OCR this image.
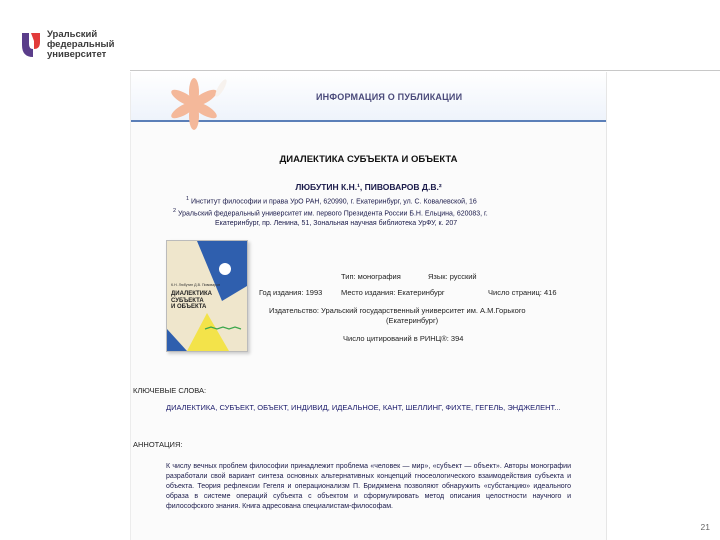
Уральский
федеральный
университет
ИНФОРМАЦИЯ О ПУБЛИКАЦИИ
ДИАЛЕКТИКА СУБЪЕКТА И ОБЪЕКТА
ЛЮБУТИН К.Н.¹, ПИВОВАРОВ Д.В.²
$^1$ Институт философии и права УрО РАН, 620990, г. Екатеринбург, ул. С. Ковалевской, 16
$^2$ Уральский федеральный университет им. первого Президента России Б.Н. Ельцина, 620083, г.
Екатеринбург, пр. Ленина, 51, Зональная научная библиотека УрФУ, к. 207
К.Н. Любутин Д.В. Пивоваров
ДИАЛЕКТИКА
СУБЪЕКТА
И ОБЪЕКТА
Тип: монография	Язык: русский
Год издания: 1993 Место издания: Екатеринбург	Число страниц: 416
Издательство: Уральский государственный университет им. А.М.Горького
(Екатеринбург)
Число цитирований в РИНЦ®: 394
КЛЮЧЕВЫЕ СЛОВА:
ДИАЛЕКТИКА, СУБЪЕКТ, ОБЪЕКТ, ИНДИВИД, ИДЕАЛЬНОЕ, КАНТ, ШЕЛЛИНГ, ФИХТЕ, ГЕГЕЛЬ, ЭНДЖЕЛЕНТ...
АННОТАЦИЯ:
К числу вечных проблем философии принадлежит проблема «человек — мир», «субъект — объект». Авторы монографии разработали свой вариант синтеза основных альтернативных концепций гносеологического взаимодействия субъекта и объекта. Теория рефлексии Гегеля и операционализм П. Бриджмена позволяют обнаружить «субстанцию» идеального образа в системе операций субъекта с объектом и сформулировать метод описания целостности научного и философского знания. Книга адресована специалистам-философам.
21
